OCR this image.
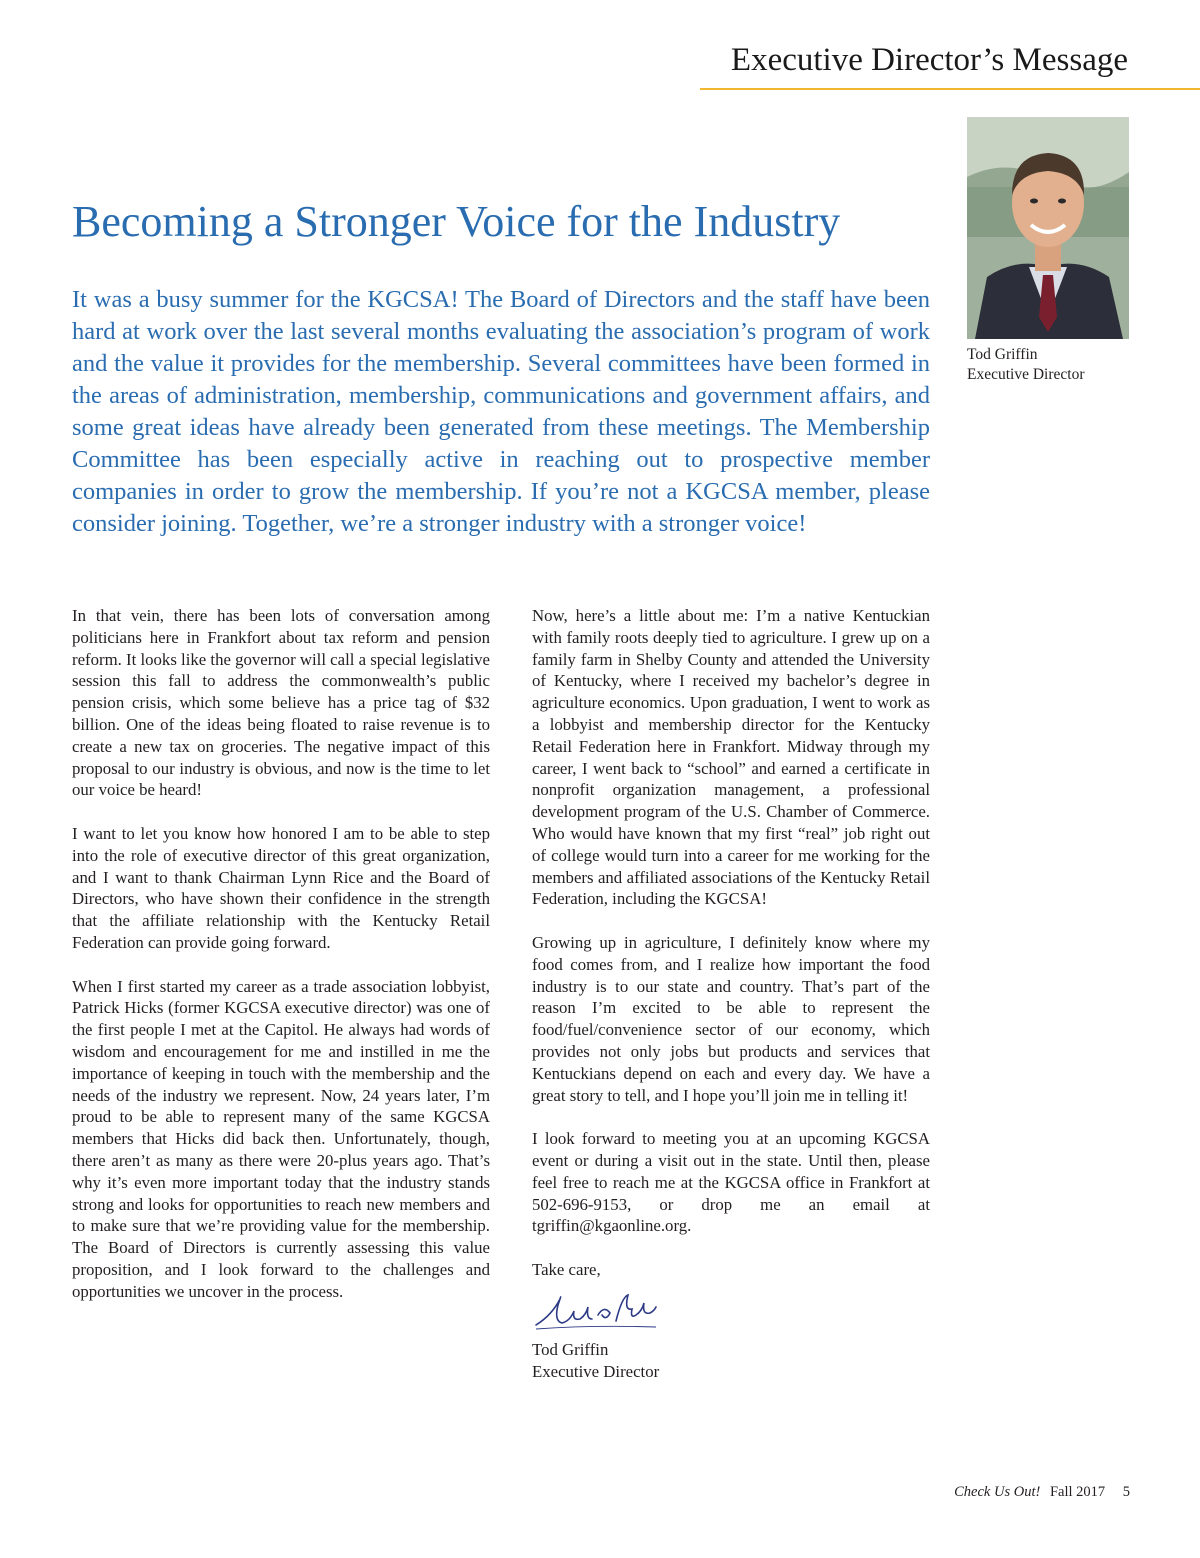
Executive Director’s Message
Tod Griffin
Executive Director
Becoming a Stronger Voice for the Industry

It was a busy summer for the KGCSA! The Board of Directors and the staff have been hard at work over the last several months evaluating the association’s program of work and the value it provides for the membership. Several committees have been formed in the areas of administration, membership, communications and government affairs, and some great ideas have already been generated from these meetings. The Membership Committee has been especially active in reaching out to prospective member companies in order to grow the membership. If you’re not a KGCSA member, please consider joining. Together, we’re a stronger industry with a stronger voice!

In that vein, there has been lots of conversation among politicians here in Frankfort about tax reform and pension reform. It looks like the governor will call a special legislative session this fall to address the commonwealth’s public pension crisis, which some believe has a price tag of $32 billion. One of the ideas being floated to raise revenue is to create a new tax on groceries. The negative impact of this proposal to our industry is obvious, and now is the time to let our voice be heard!

I want to let you know how honored I am to be able to step into the role of executive director of this great organization, and I want to thank Chairman Lynn Rice and the Board of Directors, who have shown their confidence in the strength that the affiliate relationship with the Kentucky Retail Federation can provide going forward.

When I first started my career as a trade association lobbyist, Patrick Hicks (former KGCSA executive director) was one of the first people I met at the Capitol. He always had words of wisdom and encouragement for me and instilled in me the importance of keeping in touch with the membership and the needs of the industry we represent. Now, 24 years later, I’m proud to be able to represent many of the same KGCSA members that Hicks did back then. Unfortunately, though, there aren’t as many as there were 20-plus years ago. That’s why it’s even more important today that the industry stands strong and looks for opportunities to reach new members and to make sure that we’re providing value for the membership. The Board of Directors is currently assessing this value proposition, and I look forward to the challenges and opportunities we uncover in the process.

Now, here’s a little about me: I’m a native Kentuckian with family roots deeply tied to agriculture. I grew up on a family farm in Shelby County and attended the University of Kentucky, where I received my bachelor’s degree in agriculture economics. Upon graduation, I went to work as a lobbyist and membership director for the Kentucky Retail Federation here in Frankfort. Midway through my career, I went back to “school” and earned a certificate in nonprofit organization management, a professional development program of the U.S. Chamber of Commerce. Who would have known that my first “real” job right out of college would turn into a career for me working for the members and affiliated associations of the Kentucky Retail Federation, including the KGCSA!

Growing up in agriculture, I definitely know where my food comes from, and I realize how important the food industry is to our state and country. That’s part of the reason I’m excited to be able to represent the food/fuel/convenience sector of our economy, which provides not only jobs but products and services that Kentuckians depend on each and every day. We have a great story to tell, and I hope you’ll join me in telling it!

I look forward to meeting you at an upcoming KGCSA event or during a visit out in the state. Until then, please feel free to reach me at the KGCSA office in Frankfort at 502-696-9153, or drop me an email at tgriffin@kgaonline.org.

Take care,
Tod Griffin
Executive Director
Check Us Out! Fall 2017 5
